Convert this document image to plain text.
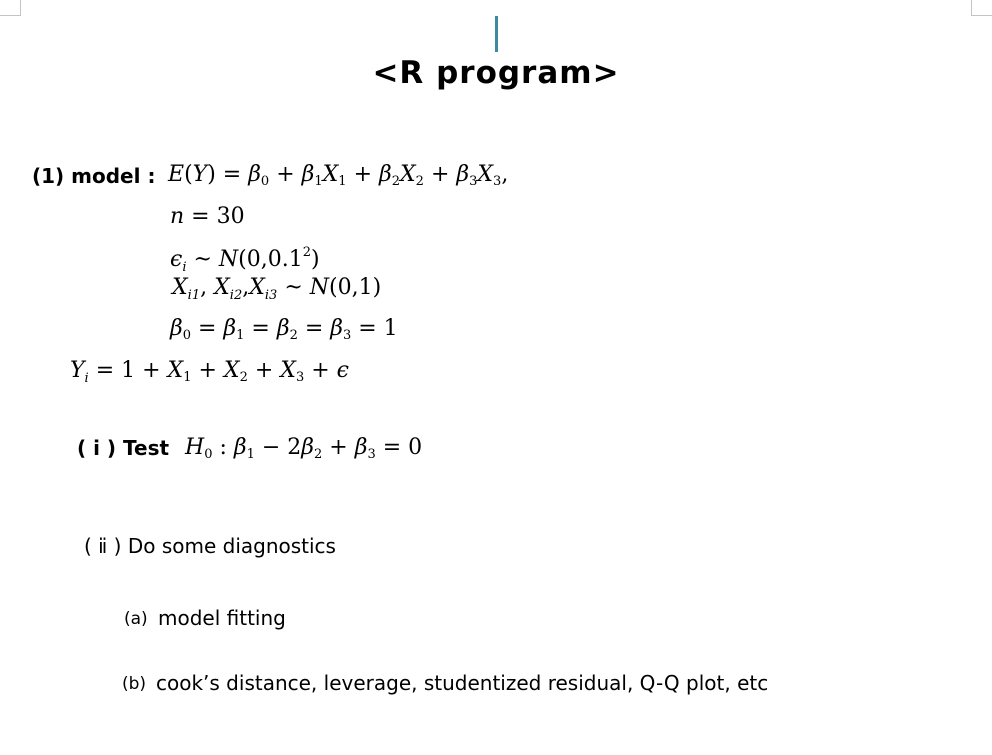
<R program>
(1) model : $E(Y) = \beta_0 + \beta_1X_1 + \beta_2X_2 + \beta_3X_3$,
n = 30
$\epsilon_i$ ~ N(0,0.1$^2$)
$X_{i1}$, $X_{i2},X_{i3}$ ~ N(0,1)
$\beta_0 = \beta_1 = \beta_2 = \beta_3 = 1$
$Y_i = 1 + X_1 + X_2 + X_3 + \epsilon$
( i ) Test $H_0$ : $\beta_1 - 2\beta_2 + \beta_3 = 0$
( ⅱ ) Do some diagnostics
(a) model fitting
(b) cook’s distance, leverage, studentized residual, Q-Q plot, etc
